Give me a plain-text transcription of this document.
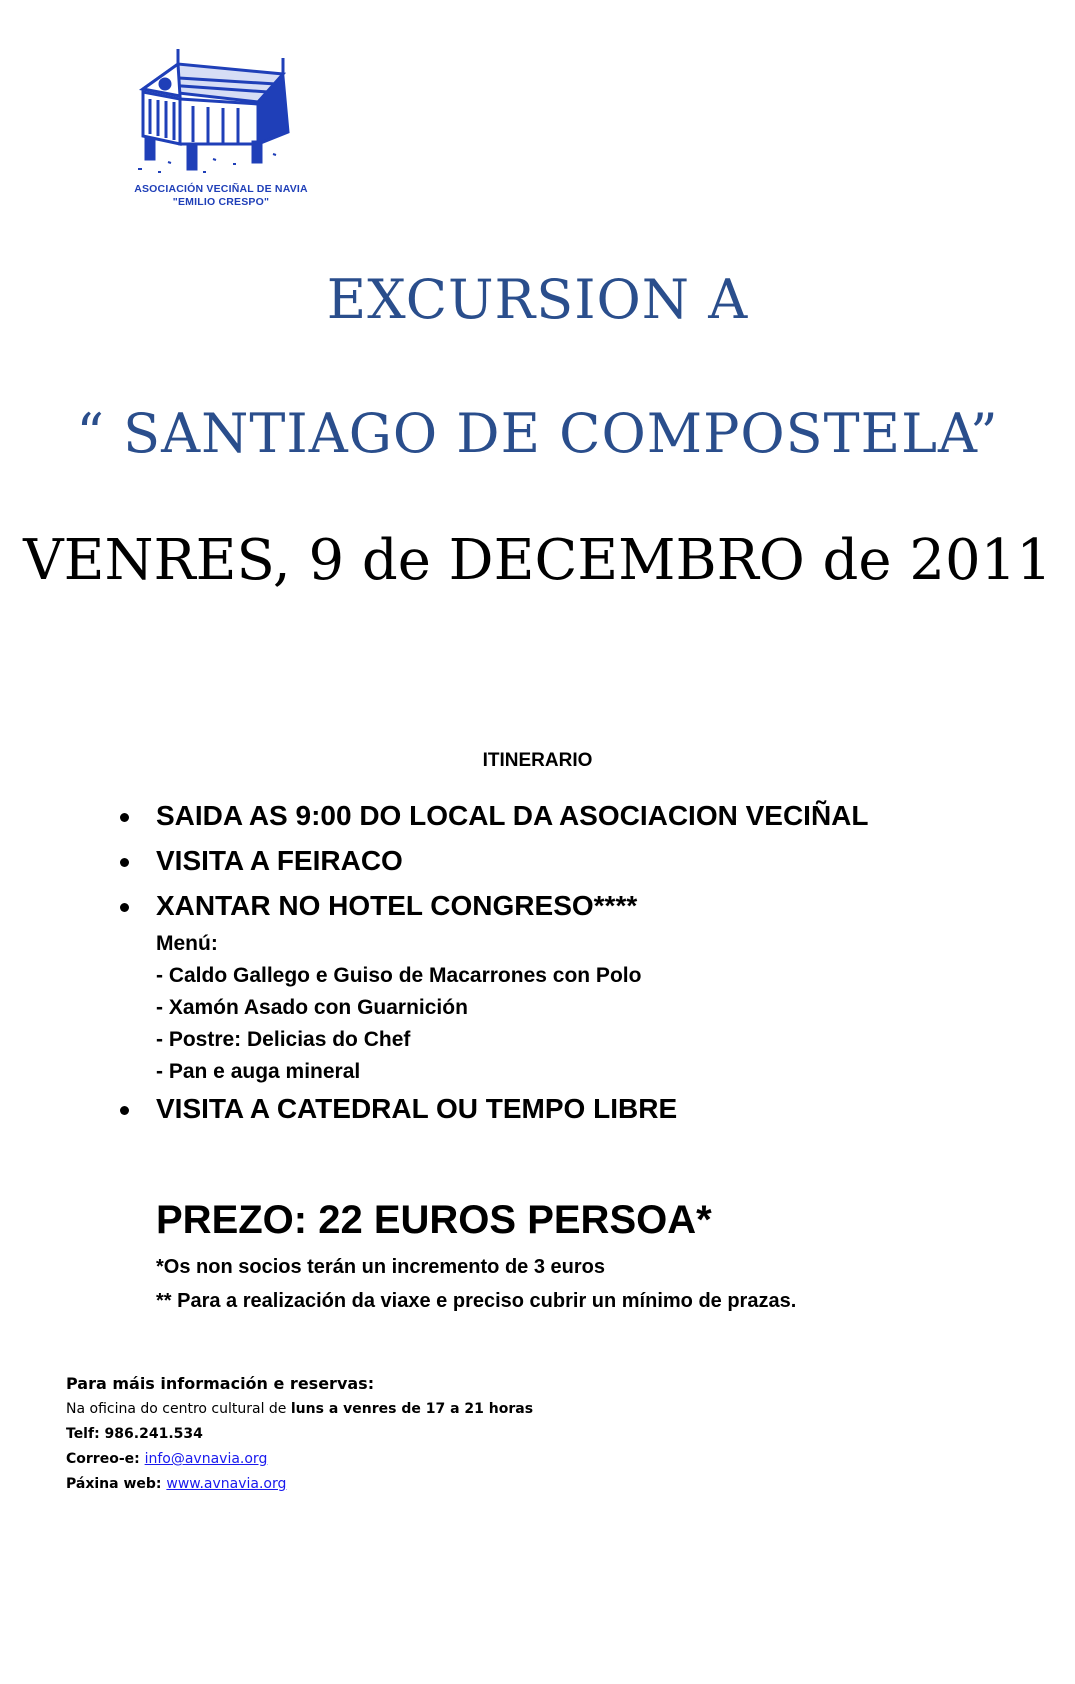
ASOCIACIÓN VECIÑAL DE NAVIA
"EMILIO CRESPO"
EXCURSION A
“ SANTIAGO DE COMPOSTELA”
VENRES, 9 de DECEMBRO de 2011
ITINERARIO
SAIDA AS 9:00 DO LOCAL DA ASOCIACION VECIÑAL
VISITA A FEIRACO
XANTAR NO HOTEL CONGRESO****
Menú:
- Caldo Gallego e Guiso de Macarrones con Polo
- Xamón Asado con Guarnición
- Postre: Delicias do Chef
- Pan e auga mineral
VISITA A CATEDRAL OU TEMPO LIBRE
PREZO: 22 EUROS PERSOA*
*Os non socios terán un incremento de 3 euros
** Para a realización da viaxe e preciso cubrir un mínimo de prazas.
Para máis información e reservas:
Na oficina do centro cultural de luns a venres de 17 a 21 horas
Telf: 986.241.534
Correo-e: info@avnavia.org
Páxina web: www.avnavia.org
